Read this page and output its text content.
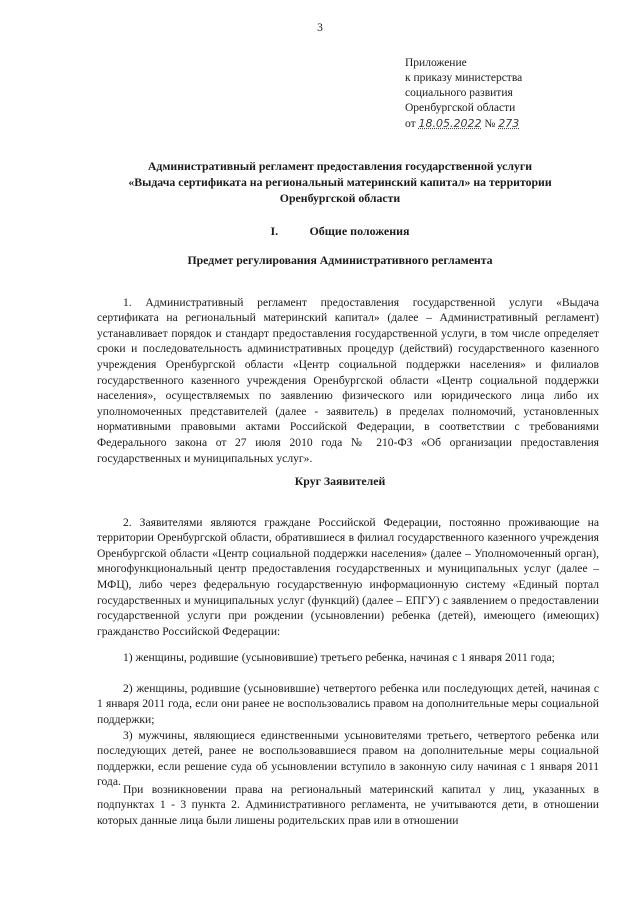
3
Приложение
к приказу министерства
социального развития
Оренбургской области
от 18.05.2022 № 273
Административный регламент предоставления государственной услуги
«Выдача сертификата на региональный материнский капитал» на территории
Оренбургской области
I.	Общие положения
Предмет регулирования Административного регламента

1. Административный регламент предоставления государственной услуги «Выдача сертификата на региональный материнский капитал» (далее – Административный регламент) устанавливает порядок и стандарт предоставления государственной услуги, в том числе определяет сроки и последовательность административных процедур (действий) государственного казенного учреждения Оренбургской области «Центр социальной поддержки населения» и филиалов государственного казенного учреждения Оренбургской области «Центр социальной поддержки населения», осуществляемых по заявлению физического или юридического лица либо их уполномоченных представителей (далее - заявитель) в пределах полномочий, установленных нормативными правовыми актами Российской Федерации, в соответствии с требованиями Федерального закона от 27 июля 2010 года № 210-ФЗ «Об организации предоставления государственных и муниципальных услуг».

Круг Заявителей

2. Заявителями являются граждане Российской Федерации, постоянно проживающие на территории Оренбургской области, обратившиеся в филиал государственного казенного учреждения Оренбургской области «Центр социальной поддержки населения» (далее – Уполномоченный орган), многофункциональный центр предоставления государственных и муниципальных услуг (далее – МФЦ), либо через федеральную государственную информационную систему «Единый портал государственных и муниципальных услуг (функций) (далее – ЕПГУ) с заявлением о предоставлении государственной услуги при рождении (усыновлении) ребенка (детей), имеющего (имеющих) гражданство Российской Федерации:

1) женщины, родившие (усыновившие) третьего ребенка, начиная с 1 января 2011 года;

2) женщины, родившие (усыновившие) четвертого ребенка или последующих детей, начиная с 1 января 2011 года, если они ранее не воспользовались правом на дополнительные меры социальной поддержки;

3) мужчины, являющиеся единственными усыновителями третьего, четвертого ребенка или последующих детей, ранее не воспользовавшиеся правом на дополнительные меры социальной поддержки, если решение суда об усыновлении вступило в законную силу начиная с 1 января 2011 года.

При возникновении права на региональный материнский капитал у лиц, указанных в подпунктах 1 - 3 пункта 2. Административного регламента, не учитываются дети, в отношении которых данные лица были лишены родительских прав или в отношении
